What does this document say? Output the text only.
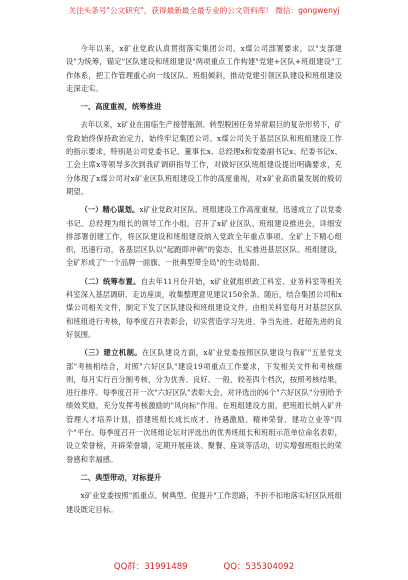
关注头条号"公文研究"，获得最新最全最专业的公文资料库！ 微信：gongwenyj

今年以来，x矿业党政认真贯彻落实集团公司、x煤公司部署要求，以"支部建设"为统筹，锚定"区队建设和班组建设"两项重点工作构建"党建+区队+班组建设"工作体系，把工作管理重心向一线区队、班组倾斜，推动党建引领区队建设和班组建设走深走实。

一、高度重视，统筹推进

去年以来，x矿业在面临生产接替瓶颈、转型脱困任务异常艰巨的复杂形势下，矿党政始终保持政治定力，始终牢记集团公司、x煤公司关于基层区队和班组建设工作的指示要求，特别是公司党委书记、董事长x、总经理x和党委副书记x、纪委书记x、工会主席x等领导多次到我矿调研指导工作，对做好区队班组建设提出明确要求，充分体现了x煤公司对x矿业区队班组建设工作的高度重视，对x矿业高质量发展的殷切期望。

（一）精心谋划。x矿业党政对区队、班组建设工作高度重视，迅速成立了以党委书记、总经理为组长的领导工作小组，召开了x矿业区队、班组建设推进会，详细安排部署创建工作，将区队建设和班组建设纳入党政全年重点事项。全矿上下精心组织，迅速行动，各基层区队以"起跑即冲刺"的姿态，扎实推进基层区队、班组建设，全矿形成了"一个品牌一面旗、一批典型带全局"的生动局面。

（二）统筹布置。自去年11月份开始，x矿业就组织政工科室、业务科室等相关科室深入基层调研、走访座谈，收集整理意见建议150余条。随后，结合集团公司和x煤公司相关文件，制定下发了区队建设和班组建设文件，由相关科室每月对基层区队和班组进行考核，每季度召开表彰会，切实营造学习先进、争当先进、赶超先进的良好氛围。

（三）建立机制。在区队建设方面，x矿业党委按照区队建设与我矿"五星党支部"考核相结合，对照"六好区队"建设19项重点工作要求，下发相关文件和考核细则，每月实行百分制考核，分为优秀、良好、一般、较差四个档次，按照考核结果，进行排序。每季度召开一次"六好区队"表彰大会，对评选出的6个"六好区队"分别给予绩效奖励，充分发挥考核激励的"风向标"作用。在班组建设方面，把班组长纳入矿井管理人才培养计划，搭建班组长成长成才、待遇激励、精神荣誉、建功立业等"四个"平台。每季度召开一次班组论坛对评选出的优秀班组长和班组示范单位命名表彰，设立荣誉榜，开辟荣誉墙，定期开展座谈、聚餐、座谈等活动，切实增强班组长的荣誉感和幸福感。

二、典型带动，对标提升

x矿业党委按照"抓重点、树典型、促提升"工作思路，不折不扣地落实好区队班组建设既定目标。

QQ群：31991489	QQ：535304092
